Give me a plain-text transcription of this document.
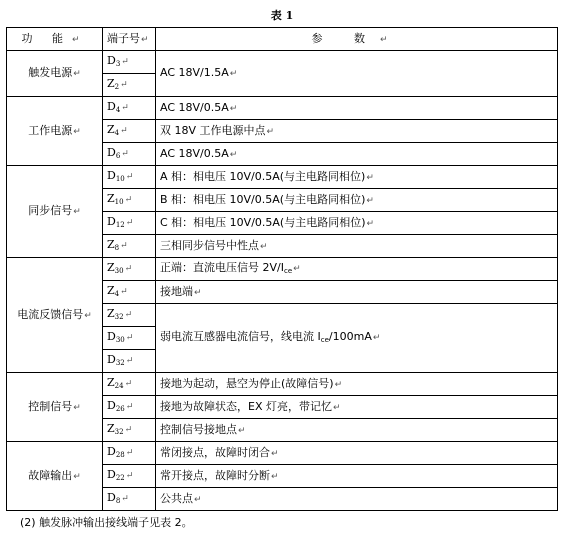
表 1
功 能↵	端子号↵	参 数↵
触发电源↵	$D_3↵$	AC 18V/1.5A↵
	$Z_2↵$	
工作电源↵	$D_4↵$	AC 18V/0.5A↵
	$Z_4↵$	双 18V 工作电源中点↵
	$D_6↵$	AC 18V/0.5A↵
同步信号↵	$D_{10}↵$	A 相：相电压 10V/0.5A(与主电路同相位)↵
	$Z_{10}↵$	B 相：相电压 10V/0.5A(与主电路同相位)↵
	$D_{12}↵$	C 相：相电压 10V/0.5A(与主电路同相位)↵
	$Z_8↵$	三相同步信号中性点↵
电流反馈信号↵	$Z_{30}↵$	正端：直流电压信号 $2V/I_{ce}↵$
	$Z_4↵$	接地端↵
	$Z_{32}↵$	弱电流互感器电流信号，线电流 $I_{ce}/100mA↵$
	$D_{30}↵$	
	$D_{32}↵$	
控制信号↵	$Z_{24}↵$	接地为起动，悬空为停止(故障信号)↵
	$D_{26}↵$	接地为故障状态，EX 灯亮，带记忆↵
	$Z_{32}↵$	控制信号接地点↵
故障输出↵	$D_{28}↵$	常闭接点，故障时闭合↵
	$D_{22}↵$	常开接点，故障时分断↵
	$D_8↵$	公共点↵
(2) 触发脉冲输出接线端子见表 2。
